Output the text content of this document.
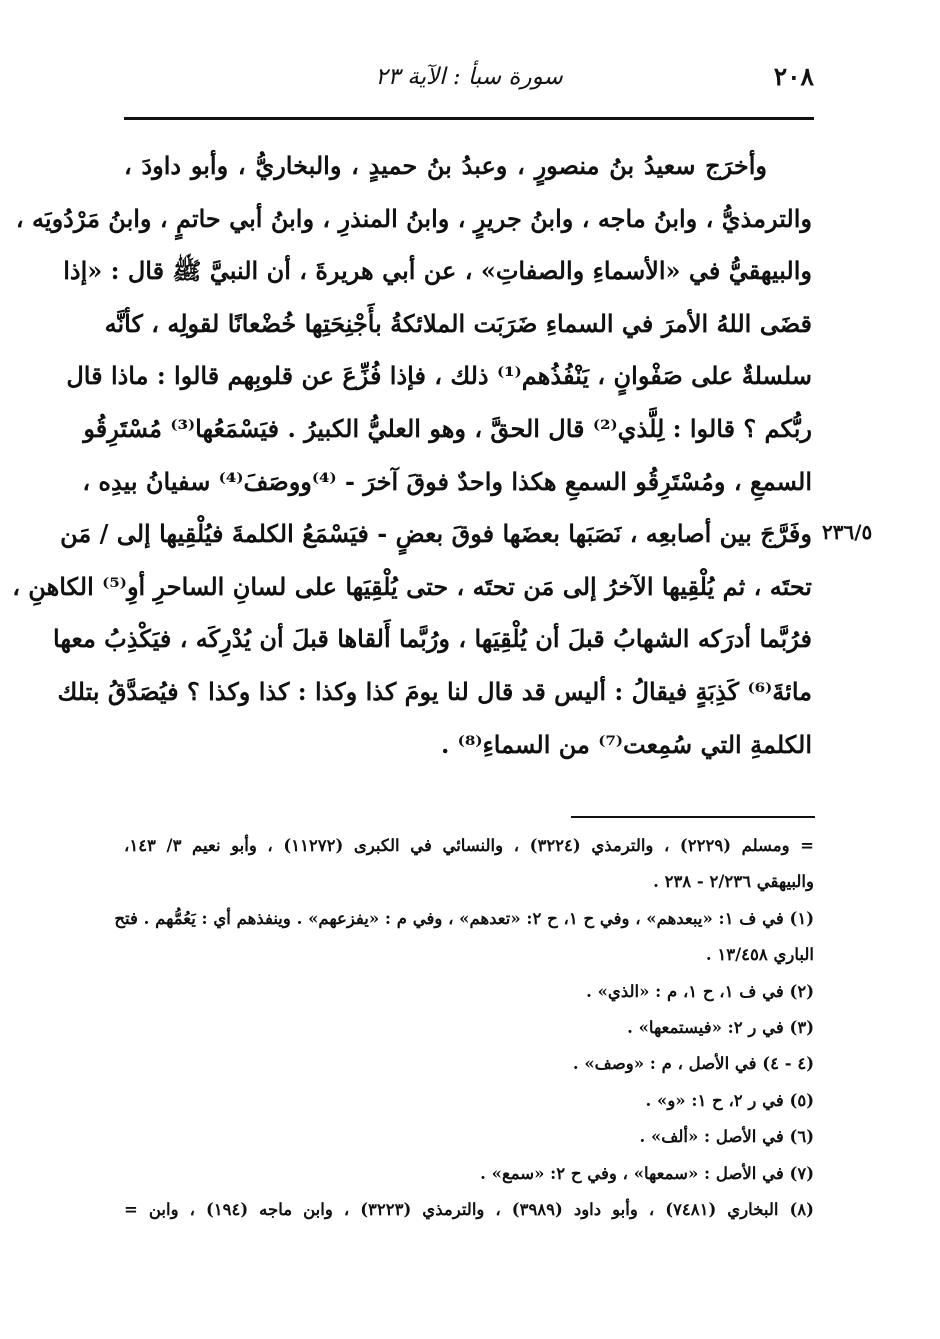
٢٠٨
سورة سبأ : الآية ٢٣
وأخرَج سعيدُ بنُ منصورٍ ، وعبدُ بنُ حميدٍ ، والبخاريُّ ، وأبو داودَ ،
والترمذيُّ ، وابنُ ماجه ، وابنُ جريرٍ ، وابنُ المنذرِ ، وابنُ أبي حاتمٍ ، وابنُ مَرْدُويَه ،
والبيهقيُّ في «الأسماءِ والصفاتِ» ، عن أبي هريرةَ ، أن النبيَّ ﷺ قال : «إذا
قضَى اللهُ الأمرَ في السماءِ ضَرَبَت الملائكةُ بأَجْنِحَتِها خُضْعانًا لقولِه ، كأنَّه
سلسلةٌ على صَفْوانٍ ، يَنْفُذُهم⁽¹⁾ ذلك ، فإذا فُزِّعَ عن قلوبِهم قالوا : ماذا قال
ربُّكم ؟ قالوا : لِلَّذي⁽²⁾ قال الحقَّ ، وهو العليُّ الكبيرُ . فيَسْمَعُها⁽³⁾ مُسْتَرِقُو
السمعِ ، ومُسْتَرِقُو السمعِ هكذا واحدٌ فوقَ آخرَ - ⁽⁴⁾ووصَفَ⁽⁴⁾ سفيانُ بيدِه ،
وفَرَّجَ بين أصابعِه ، نَصَبَها بعضَها فوقَ بعضٍ - فيَسْمَعُ الكلمةَ فيُلْقِيها إلى / مَن
تحتَه ، ثم يُلْقِيها الآخرُ إلى مَن تحتَه ، حتى يُلْقِيَها على لسانِ الساحرِ أوِ⁽⁵⁾ الكاهنِ ،
فرُبَّما أدرَكه الشهابُ قبلَ أن يُلْقِيَها ، ورُبَّما أَلقاها قبلَ أن يُدْرِكَه ، فيَكْذِبُ معها
مائةَ⁽⁶⁾ كَذِبَةٍ فيقالُ : أليس قد قال لنا يومَ كذا وكذا : كذا وكذا ؟ فيُصَدَّقُ بتلك
الكلمةِ التي سُمِعت⁽⁷⁾ من السماءِ⁽⁸⁾ .
٢٣٦/٥
= ومسلم (٢٢٢٩) ، والترمذي (٣٢٢٤) ، والنسائي في الكبرى (١١٢٧٢) ، وأبو نعيم ٣/ ١٤٣،
والبيهقي ٢/٢٣٦ - ٢٣٨ .
(١) في ف ١: «يبعدهم» ، وفي ح ١، ح ٢: «تعدهم» ، وفي م : «يفزعهم» . وينفذهم أي : يَعُمُّهم . فتح
الباري ١٣/٤٥٨ .
(٢) في ف ١، ح ١، م : «الذي» .
(٣) في ر ٢: «فيستمعها» .
(٤ - ٤) في الأصل ، م : «وصف» .
(٥) في ر ٢، ح ١: «و» .
(٦) في الأصل : «ألف» .
(٧) في الأصل : «سمعها» ، وفي ح ٢: «سمع» .
(٨) البخاري (٧٤٨١) ، وأبو داود (٣٩٨٩) ، والترمذي (٣٢٢٣) ، وابن ماجه (١٩٤) ، وابن =
